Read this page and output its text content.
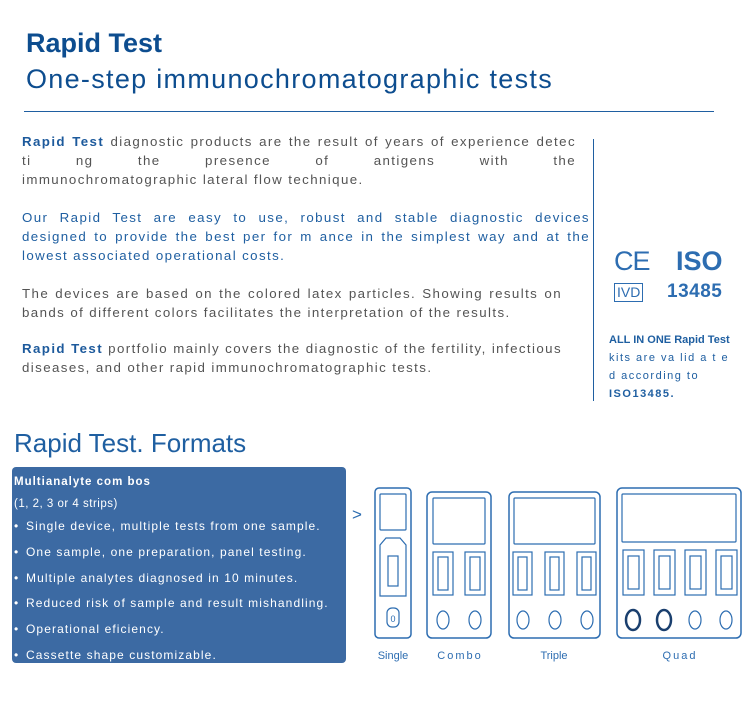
Rapid Test
One-step immunochromatographic tests
Rapid Test diagnostic products are the result of years of experience detec ti ng the presence of antigens with the
immunochromatographic lateral flow technique.
Our Rapid Test are easy to use, robust and stable diagnostic devices designed to provide the best per for m ance in the simplest way and at the lowest associated operational costs.
The devices are based on the colored latex particles. Showing results on bands of different colors facilitates the interpretation of the results.
Rapid Test portfolio mainly covers the diagnostic of the fertility, infectious diseases, and other rapid immunochromatographic tests.
CE ISO
IVD 13485
ALL IN ONE Rapid Test
kits are va lid a t e d according to
ISO13485.
Rapid Test. Formats
Multianalyte com bos
(1, 2, 3 or 4 strips)
• Single device, multiple tests from one sample.
• One sample, one preparation, panel testing.
• Multiple analytes diagnosed in 10 minutes.
• Reduced risk of sample and result mishandling.
• Operational eficiency.
• Cassette shape customizable.
>
0
Single	Combo	Triple	Quad
